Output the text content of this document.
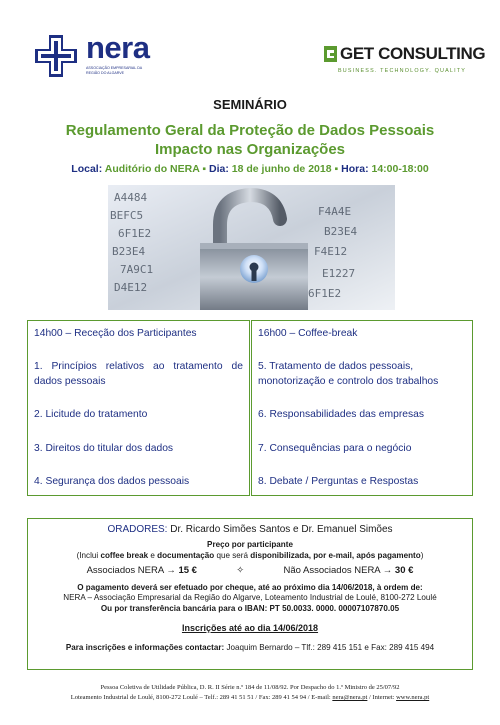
nera
ASSOCIAÇÃO EMPRESARIAL DA REGIÃO DO ALGARVE
GET CONSULTING
BUSINESS. TECHNOLOGY. QUALITY
SEMINÁRIO
Regulamento Geral da Proteção de Dados Pessoais
Impacto nas Organizações
Local: Auditório do NERA ▪ Dia: 18 de junho de 2018 ▪ Hora: 14:00-18:00
A4484
BEFC5
6F1E2
B23E4
7A9C1
D4E12
F4A4E
B23E4
F4E12
E1227
6F1E2
14h00 – Receção dos Participantes
1. Princípios relativos ao tratamento de dados pessoais
2. Licitude do tratamento
3. Direitos do titular dos dados
4. Segurança dos dados pessoais
16h00 – Coffee-break
5. Tratamento de dados pessoais, monotorização e controlo dos trabalhos
6. Responsabilidades das empresas
7. Consequências para o negócio
8. Debate / Perguntas e Respostas
ORADORES: Dr. Ricardo Simões Santos e Dr. Emanuel Simões
Preço por participante
(Inclui coffee break e documentação que será disponibilizada, por e-mail, após pagamento)
Associados NERA → 15 €	✧	Não Associados NERA → 30 €
O pagamento deverá ser efetuado por cheque, até ao próximo dia 14/06/2018, à ordem de:
NERA – Associação Empresarial da Região do Algarve, Loteamento Industrial de Loulé, 8100-272 Loulé
Ou por transferência bancária para o IBAN: PT 50.0033. 0000. 00007107870.05
Inscrições até ao dia 14/06/2018
Para inscrições e informações contactar: Joaquim Bernardo – Tlf.: 289 415 151 e Fax: 289 415 494
Pessoa Coletiva de Utilidade Pública, D. R. II Série n.º 184 de 11/08/92. Por Despacho do 1.º Ministro de 25/07/92
Loteamento Industrial de Loulé, 8100-272 Loulé – Telf.: 289 41 51 51 / Fax: 289 41 54 94 / E-mail: nera@nera.pt / Internet: www.nera.pt
